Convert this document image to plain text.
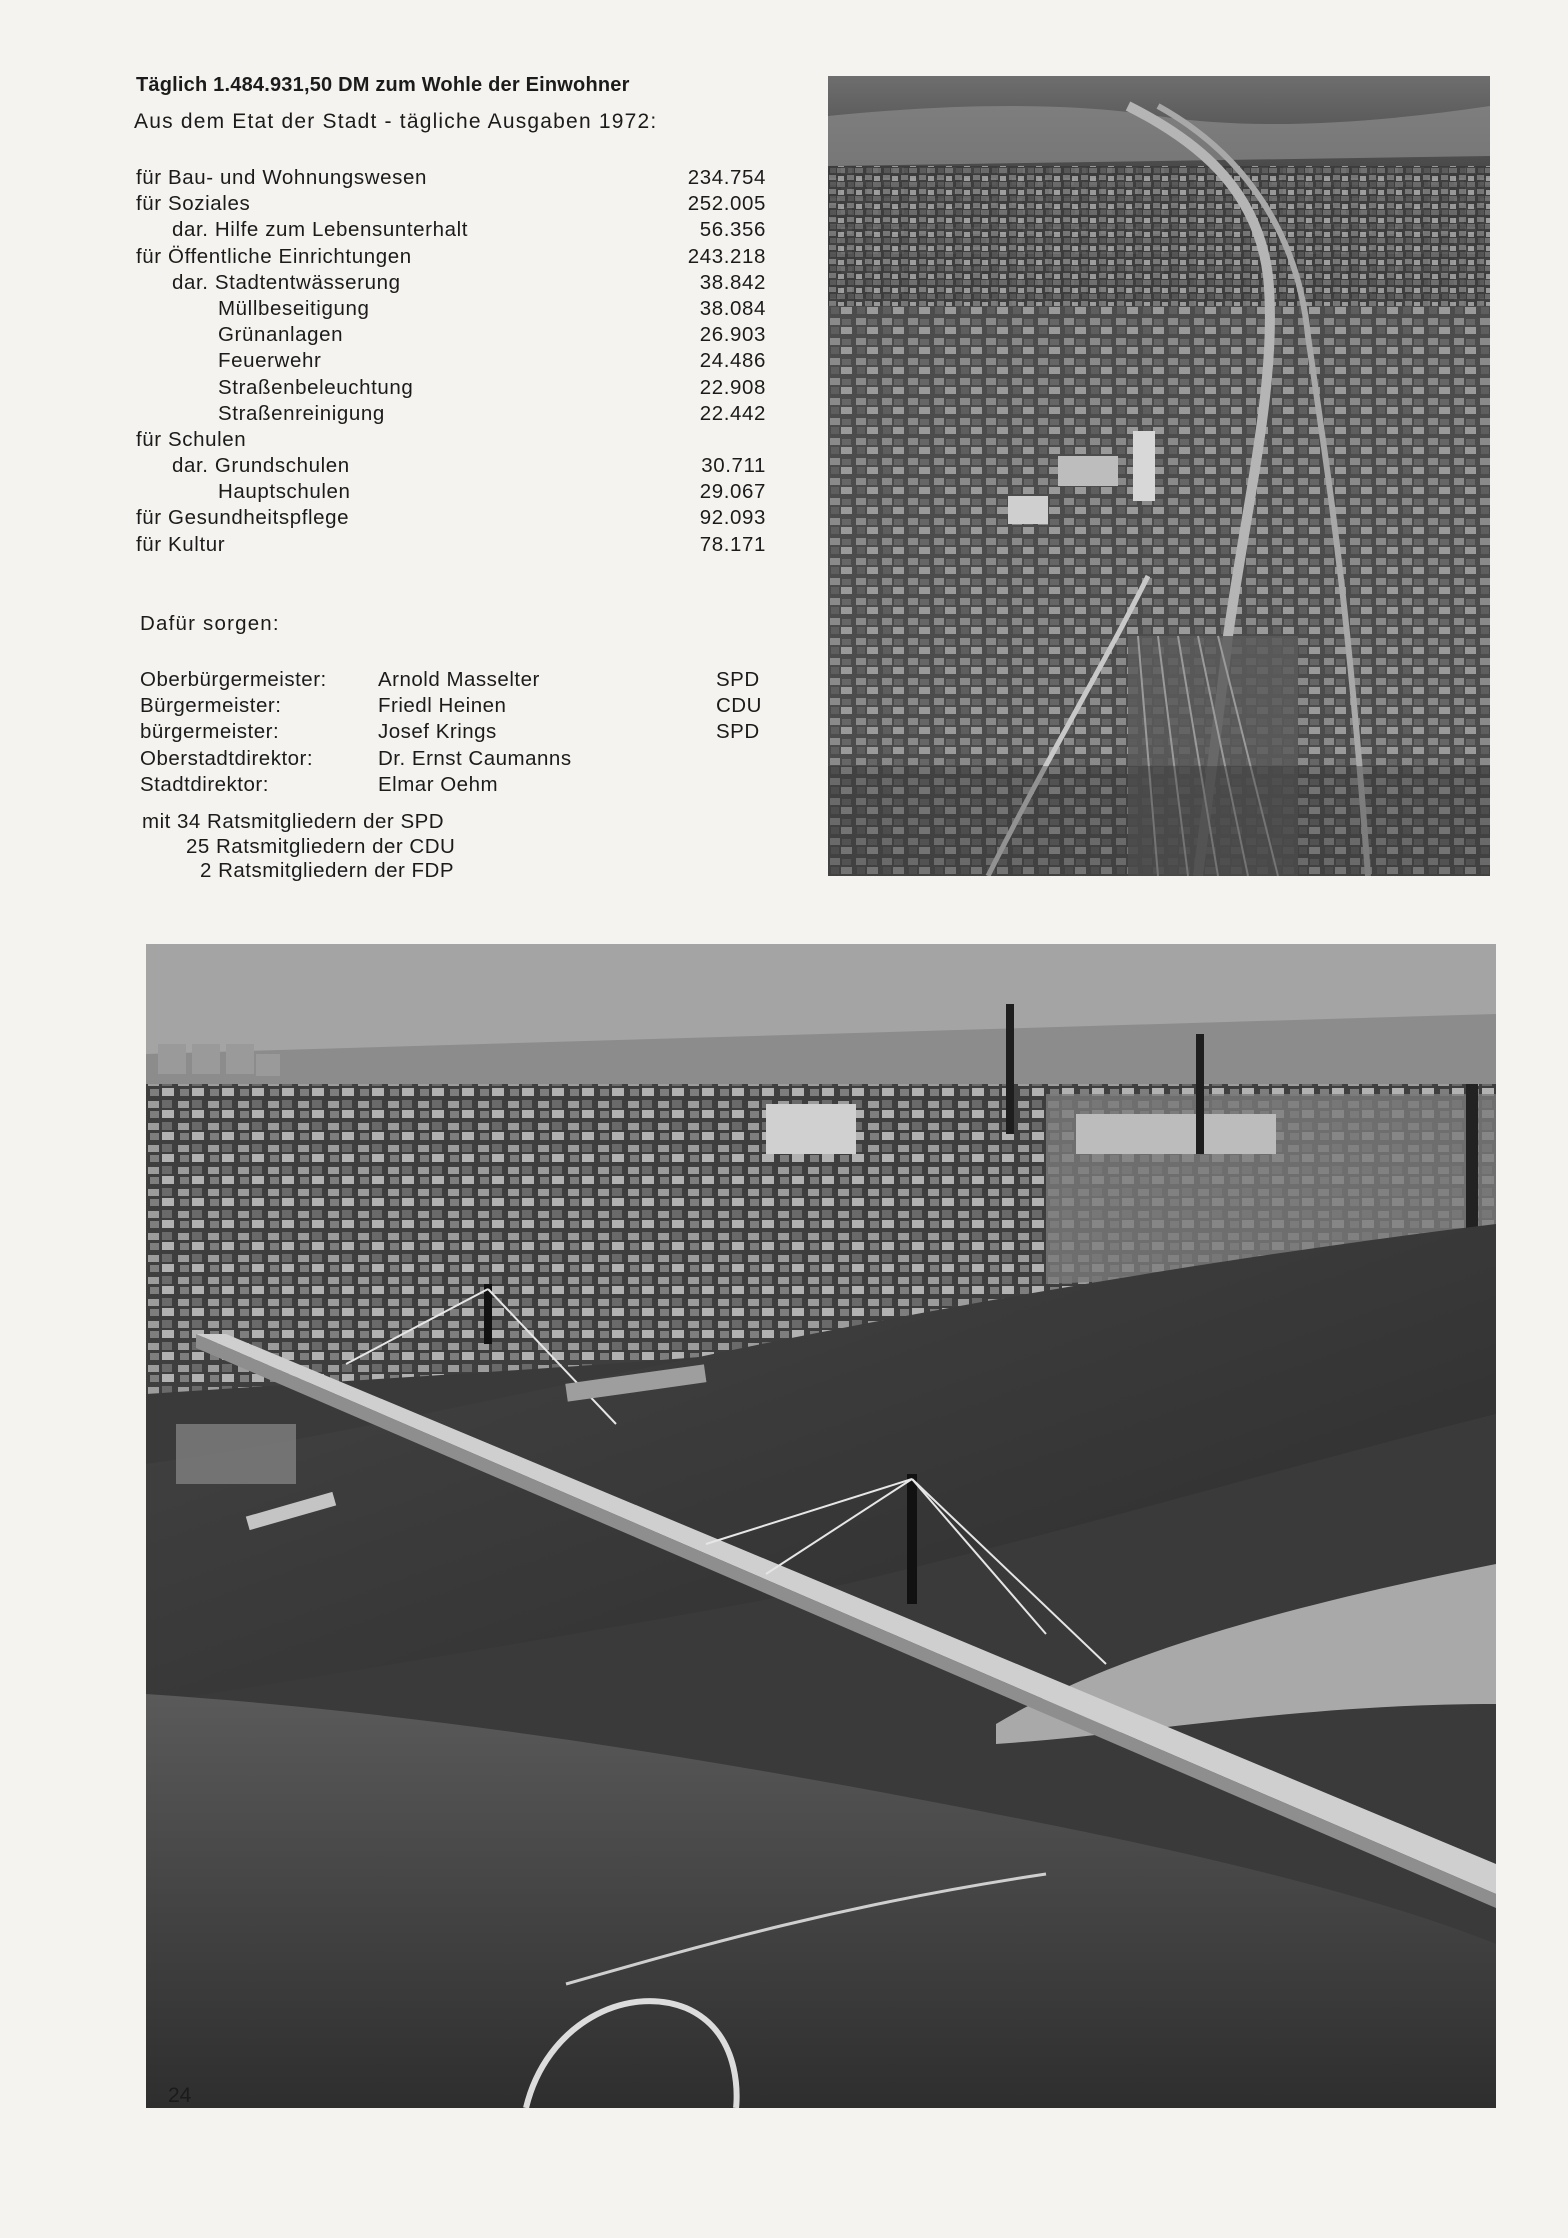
Täglich 1.484.931,50 DM zum Wohle der Einwohner
Aus dem Etat der Stadt - tägliche Ausgaben 1972:
für Bau- und Wohnungswesen	234.754
für Soziales	252.005
dar. Hilfe zum Lebensunterhalt	56.356
für Öffentliche Einrichtungen	243.218
dar. Stadtentwässerung	38.842
Müllbeseitigung	38.084
Grünanlagen	26.903
Feuerwehr	24.486
Straßenbeleuchtung	22.908
Straßenreinigung	22.442
für Schulen
dar. Grundschulen	30.711
Hauptschulen	29.067
für Gesundheitspflege	92.093
für Kultur	78.171
Dafür sorgen:
Oberbürgermeister:	Arnold Masselter	SPD
Bürgermeister:	Friedl Heinen	CDU
bürgermeister:	Josef Krings	SPD
Oberstadtdirektor:	Dr. Ernst Caumanns
Stadtdirektor:	Elmar Oehm
mit 34 Ratsmitgliedern der SPD
25 Ratsmitgliedern der CDU
2 Ratsmitgliedern der FDP
24
